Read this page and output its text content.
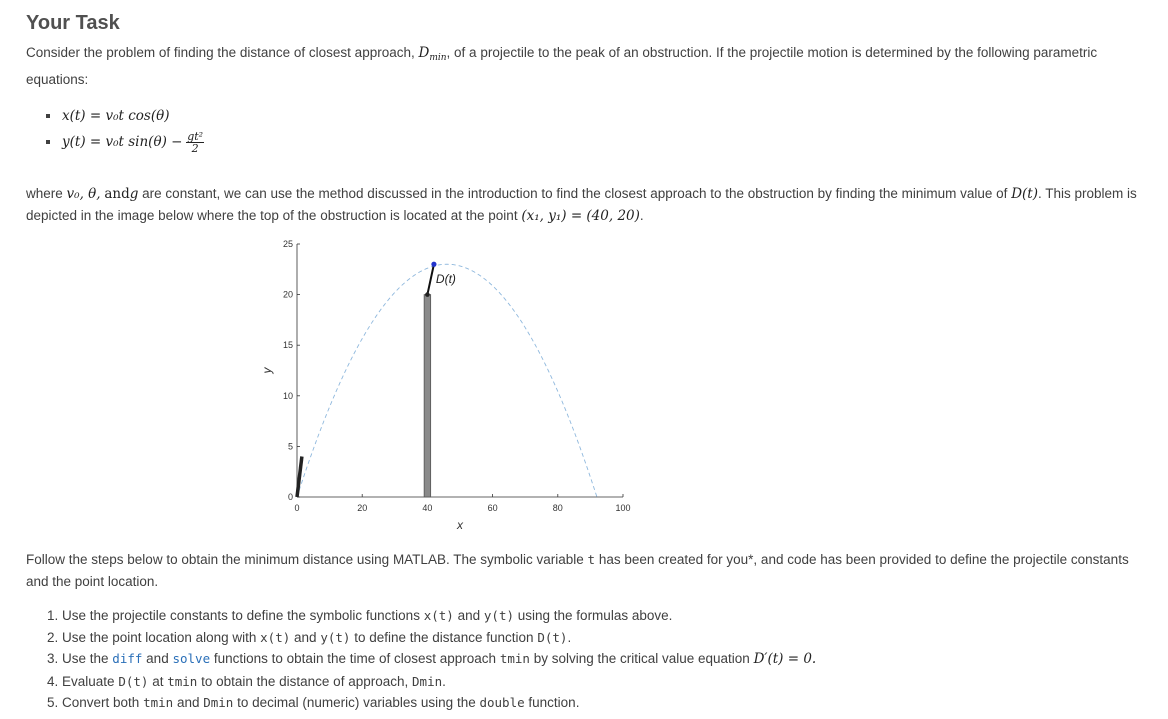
Your Task

Consider the problem of finding the distance of closest approach, $D_{min}$, of a projectile to the peak of an obstruction. If the projectile motion is determined by the following parametric equations:

x(t) = v₀t cos(θ)
y(t) = v₀t $\sin(\theta) - \frac{\text{gt²}}{2}$

where v₀, θ, andg are constant, we can use the method discussed in the introduction to find the closest approach to the obstruction by finding the minimum value of D(t). This problem is depicted in the image below where the top of the obstruction is located at the point (x₁, y₁) = (40, 20).

0	20	40	60	80	100
0
5
10
15
20
25
x
y
D(t)

Follow the steps below to obtain the minimum distance using MATLAB. The symbolic variable t has been created for you*, and code has been provided to define the projectile constants and the point location.

1. Use the projectile constants to define the symbolic functions x(t) and y(t) using the formulas above.
2. Use the point location along with x(t) and y(t) to define the distance function D(t).
3. Use the diff and solve functions to obtain the time of closest approach tmin by solving the critical value equation D′(t) = 0.
4. Evaluate D(t) at tmin to obtain the distance of approach, Dmin.
5. Convert both tmin and Dmin to decimal (numeric) variables using the double function.
